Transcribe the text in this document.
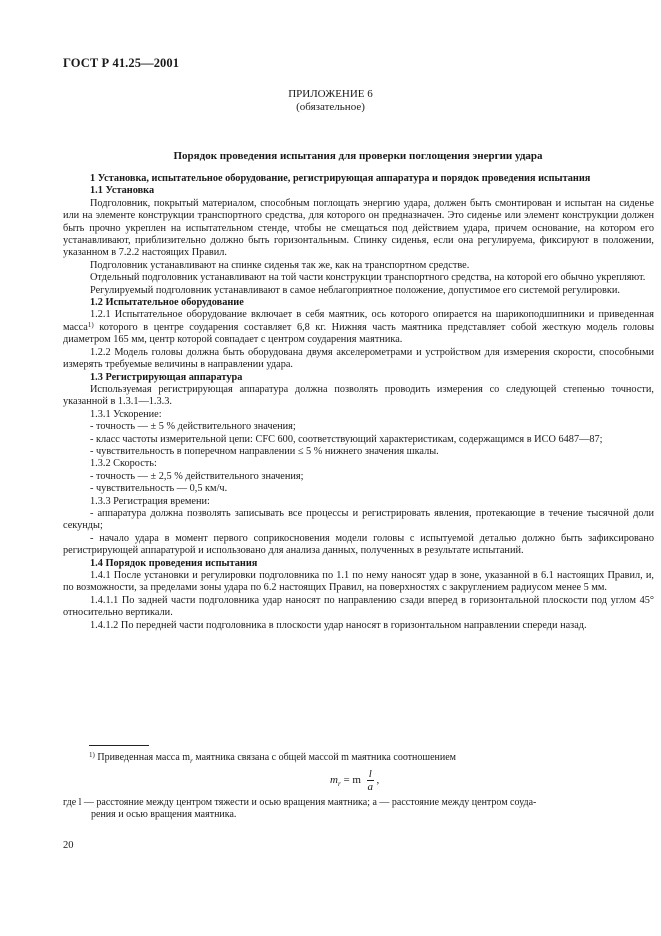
ГОСТ Р 41.25—2001
ПРИЛОЖЕНИЕ 6
(обязательное)
Порядок проведения испытания для проверки поглощения энергии удара

1 Установка, испытательное оборудование, регистрирующая аппаратура и порядок проведения испытания

1.1 Установка

Подголовник, покрытый материалом, способным поглощать энергию удара, должен быть смонтирован и испытан на сиденье или на элементе конструкции транспортного средства, для которого он предназначен. Это сиденье или элемент конструкции должен быть прочно укреплен на испытательном стенде, чтобы не смещаться под действием удара, причем основание, на котором его устанавливают, приблизительно должно быть горизонтальным. Спинку сиденья, если она регулируема, фиксируют в положении, указанном в 7.2.2 настоящих Правил.

Подголовник устанавливают на спинке сиденья так же, как на транспортном средстве.

Отдельный подголовник устанавливают на той части конструкции транспортного средства, на которой его обычно укрепляют.

Регулируемый подголовник устанавливают в самое неблагоприятное положение, допустимое его системой регулировки.

1.2 Испытательное оборудование

1.2.1 Испытательное оборудование включает в себя маятник, ось которого опирается на шарикоподшипники и приведенная масса$^{1)}$ которого в центре соударения составляет 6,8 кг. Нижняя часть маятника представляет собой жесткую модель головы диаметром 165 мм, центр которой совпадает с центром соударения маятника.

1.2.2 Модель головы должна быть оборудована двумя акселерометрами и устройством для измерения скорости, способными измерять требуемые величины в направлении удара.

1.3 Регистрирующая аппаратура

Используемая регистрирующая аппаратура должна позволять проводить измерения со следующей степенью точности, указанной в 1.3.1—1.3.3.

1.3.1 Ускорение:

- точность — ± 5 % действительного значения;

- класс частоты измерительной цепи: CFC 600, соответствующий характеристикам, содержащимся в ИСО 6487—87;

- чувствительность в поперечном направлении ≤ 5 % нижнего значения шкалы.

1.3.2 Скорость:

- точность — ± 2,5 % действительного значения;

- чувствительность — 0,5 км/ч.

1.3.3 Регистрация времени:

- аппаратура должна позволять записывать все процессы и регистрировать явления, протекающие в течение тысячной доли секунды;

- начало удара в момент первого соприкосновения модели головы с испытуемой деталью должно быть зафиксировано регистрирующей аппаратурой и использовано для анализа данных, полученных в результате испытаний.

1.4 Порядок проведения испытания

1.4.1 После установки и регулировки подголовника по 1.1 по нему наносят удар в зоне, указанной в 6.1 настоящих Правил, и, по возможности, за пределами зоны удара по 6.2 настоящих Правил, на поверхностях с закруглением радиусом менее 5 мм.

1.4.1.1 По задней части подголовника удар наносят по направлению сзади вперед в горизонтальной плоскости под углом 45° относительно вертикали.

1.4.1.2 По передней части подголовника в плоскости удар наносят в горизонтальном направлении спереди назад.

$^{1)}$ Приведенная масса $m_r$ маятника связана с общей массой m маятника соотношением
$m_r = m \frac{l}{a}$ ,
где l — расстояние между центром тяжести и осью вращения маятника; a — расстояние между центром соуда-
рения и осью вращения маятника.
20
